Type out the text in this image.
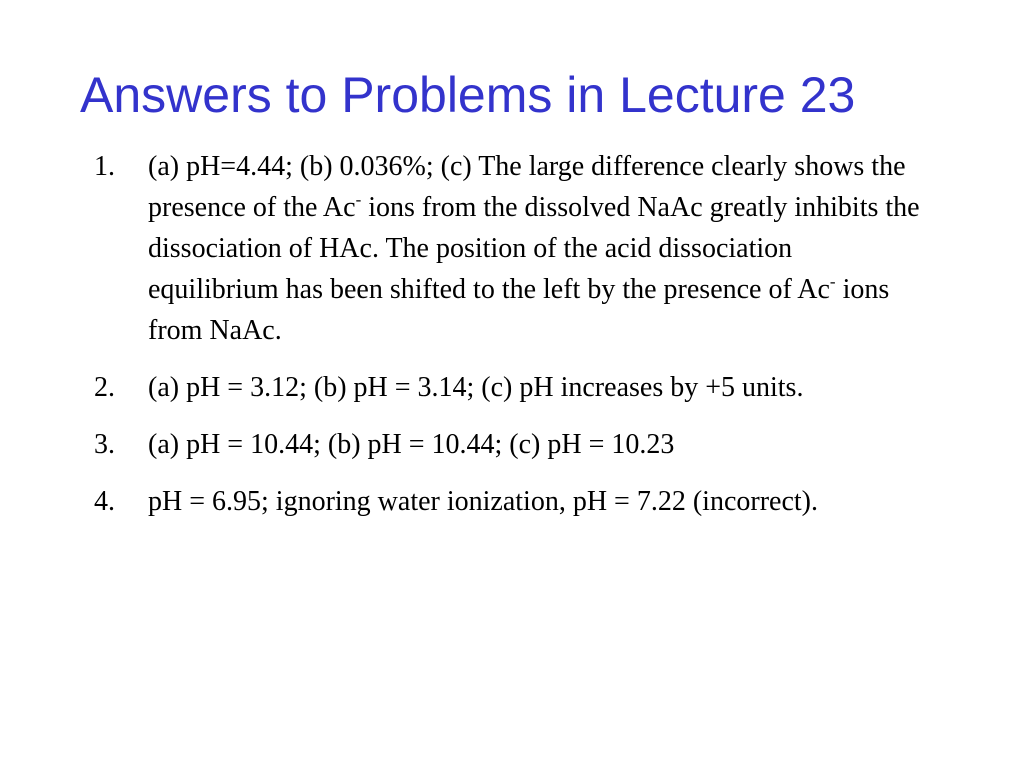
Answers to Problems in Lecture 23
1. (a) pH=4.44; (b) 0.036%; (c) The large difference clearly shows the presence of the Ac- ions from the dissolved NaAc greatly inhibits the dissociation of HAc. The position of the acid dissociation equilibrium has been shifted to the left by the presence of Ac- ions from NaAc.
2. (a) pH = 3.12; (b) pH = 3.14; (c) pH increases by +5 units.
3. (a) pH = 10.44; (b) pH = 10.44; (c) pH = 10.23
4. pH = 6.95; ignoring water ionization, pH = 7.22 (incorrect).
